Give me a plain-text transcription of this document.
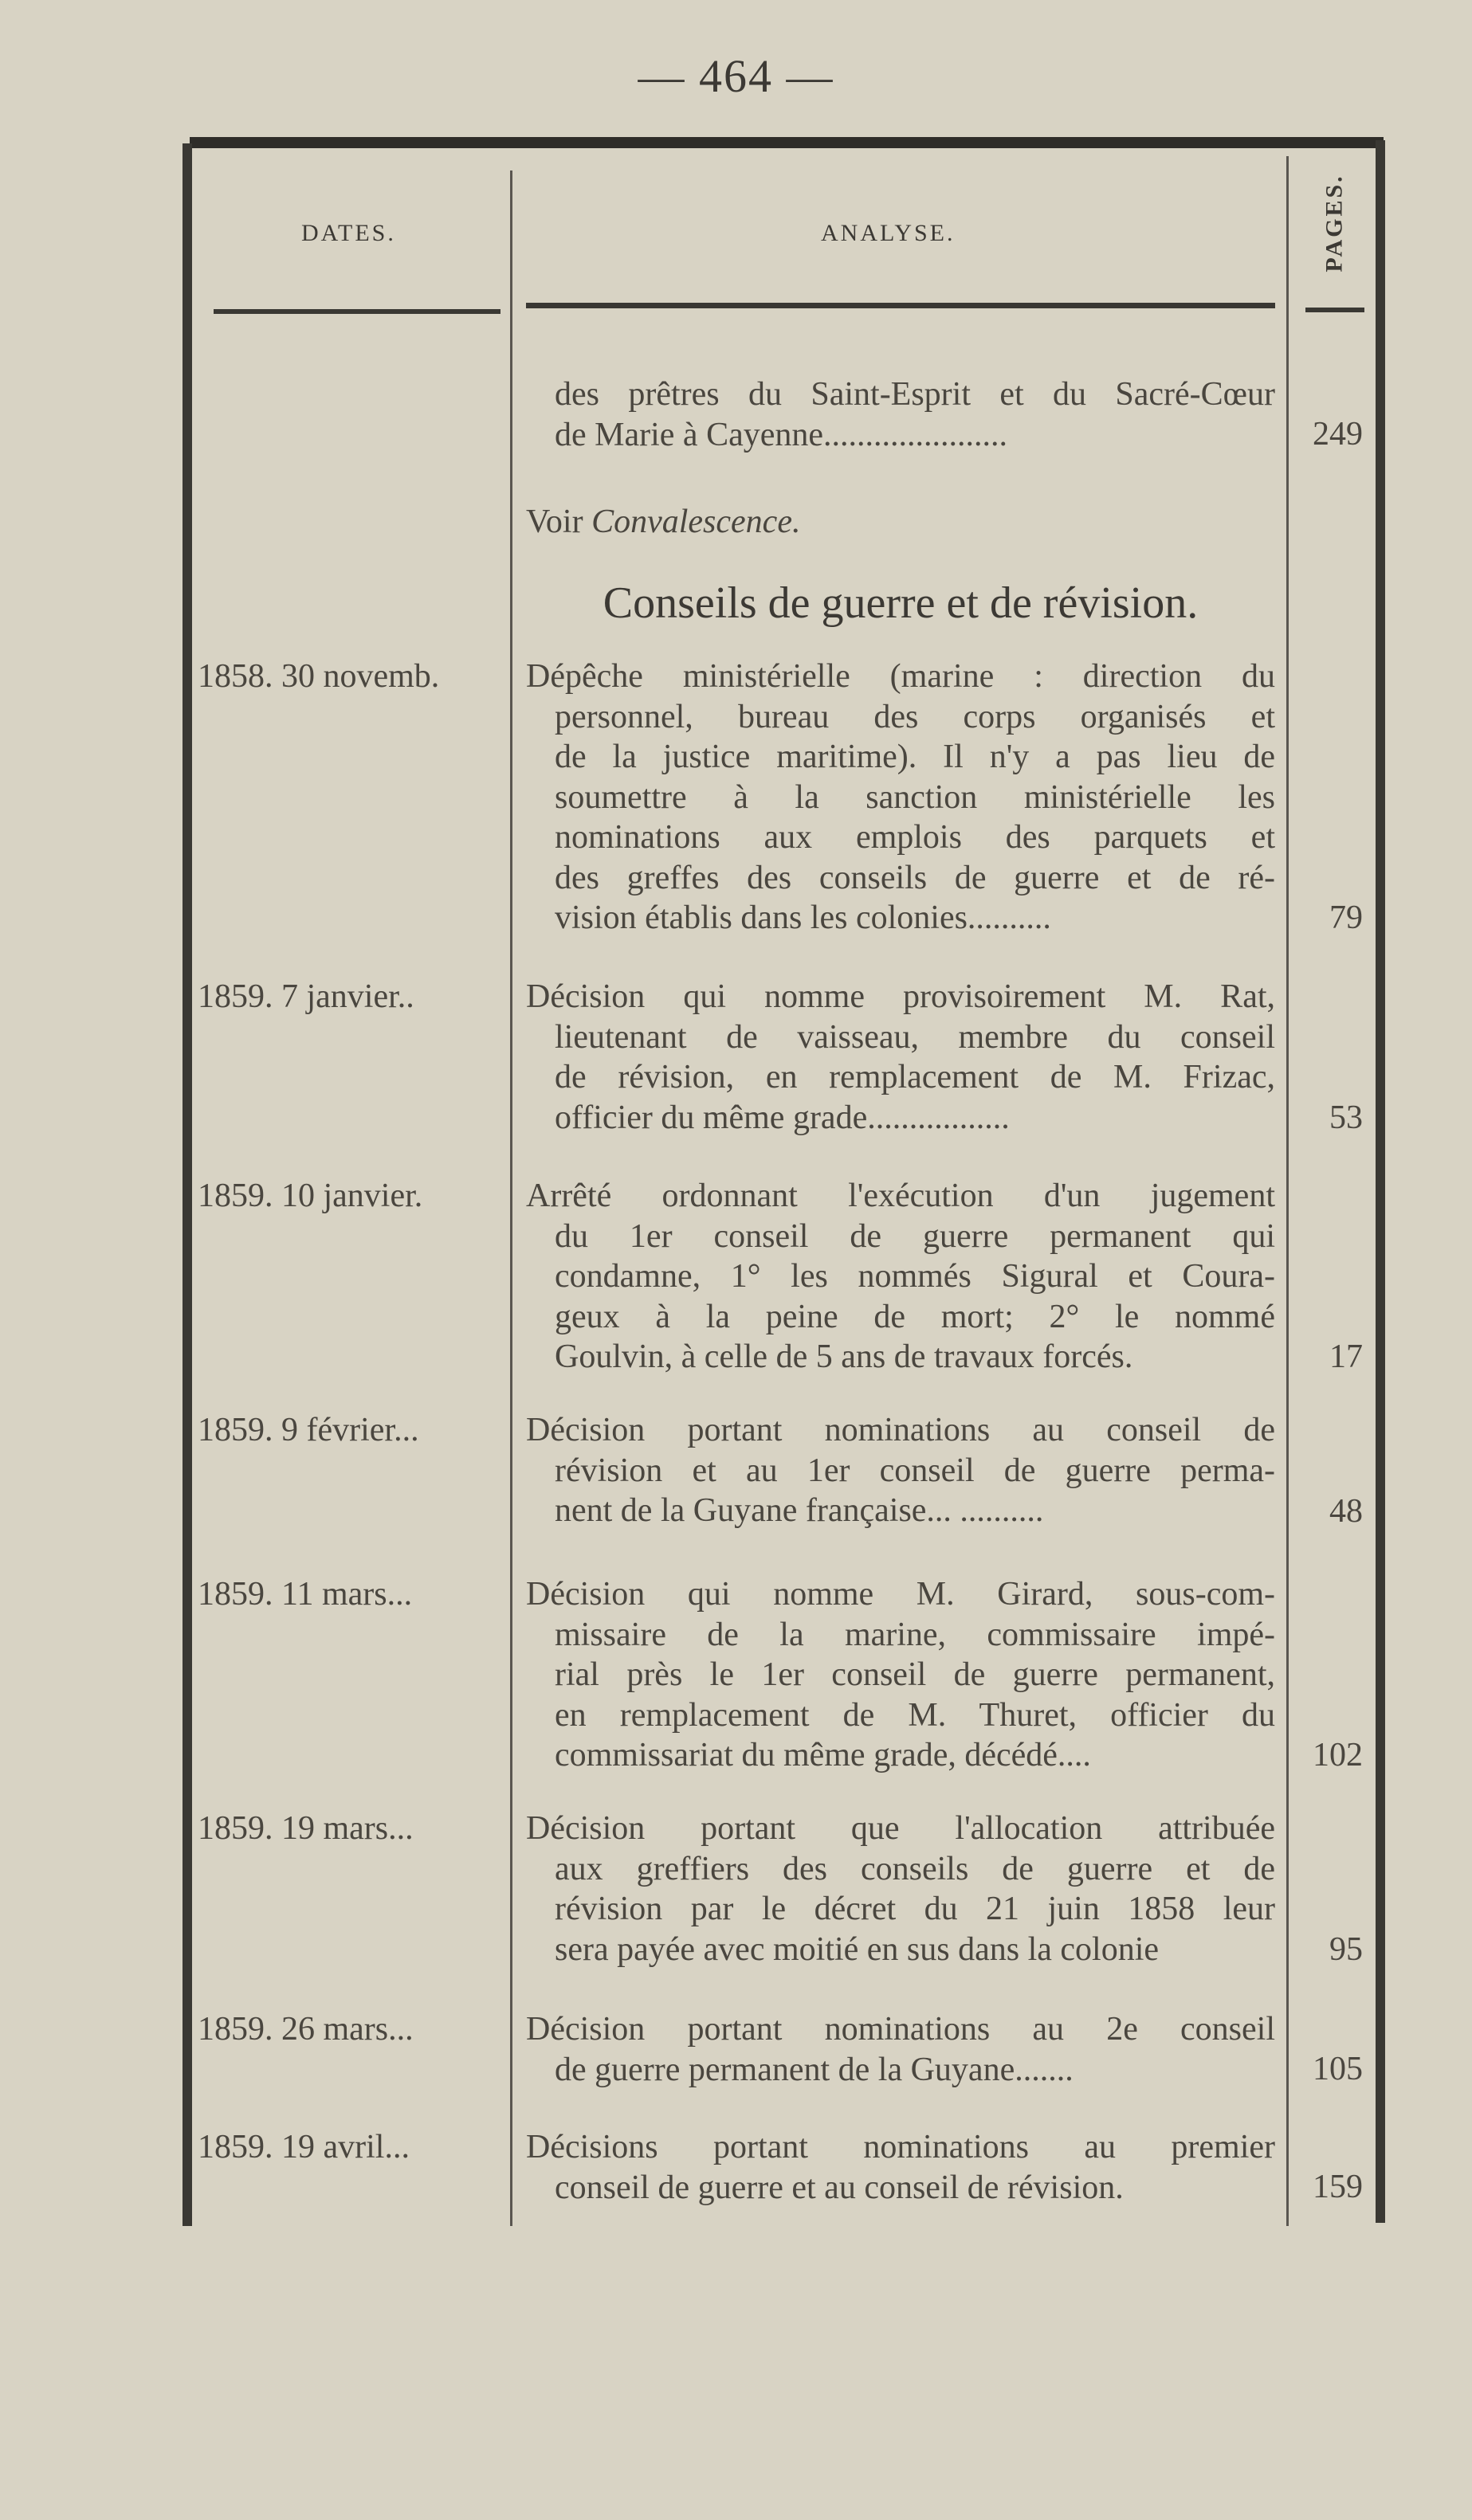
— 464 —
DATES.	ANALYSE.	PAGES.
des prêtres du Saint-Esprit et du Sacré-Cœur
de Marie à Cayenne......................	249
Voir Convalescence.
Conseils de guerre et de révision.
1858. 30 novemb.	Dépêche ministérielle (marine : direction du
personnel, bureau des corps organisés et
de la justice maritime). Il n'y a pas lieu de
soumettre à la sanction ministérielle les
nominations aux emplois des parquets et
des greffes des conseils de guerre et de ré-
vision établis dans les colonies..........	79
1859. 7 janvier..	Décision qui nomme provisoirement M. Rat,
lieutenant de vaisseau, membre du conseil
de révision, en remplacement de M. Frizac,
officier du même grade.................	53
1859. 10 janvier.	Arrêté ordonnant l'exécution d'un jugement
du 1er conseil de guerre permanent qui
condamne, 1° les nommés Sigural et Coura-
geux à la peine de mort; 2° le nommé
Goulvin, à celle de 5 ans de travaux forcés.	17
1859. 9 février...	Décision portant nominations au conseil de
révision et au 1er conseil de guerre perma-
nent de la Guyane française... ..........	48
1859. 11 mars...	Décision qui nomme M. Girard, sous-com-
missaire de la marine, commissaire impé-
rial près le 1er conseil de guerre permanent,
en remplacement de M. Thuret, officier du
commissariat du même grade, décédé....	102
1859. 19 mars...	Décision portant que l'allocation attribuée
aux greffiers des conseils de guerre et de
révision par le décret du 21 juin 1858 leur
sera payée avec moitié en sus dans la colonie	95
1859. 26 mars...	Décision portant nominations au 2e conseil
de guerre permanent de la Guyane.......	105
1859. 19 avril...	Décisions portant nominations au premier
conseil de guerre et au conseil de révision.	159
